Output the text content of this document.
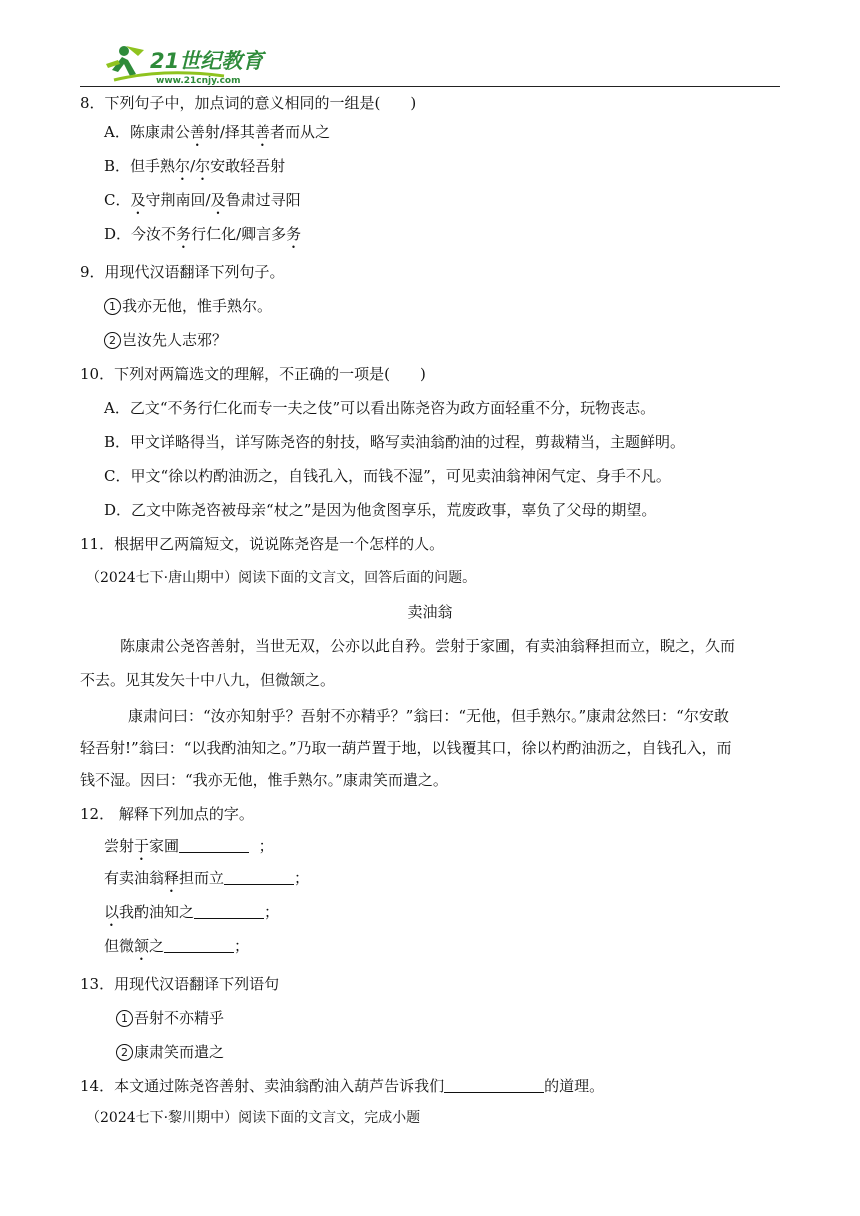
21世纪教育
www.21cnjy.com
8．下列句子中，加点词的意义相同的一组是(　　)
A．陈康肃公善射/择其善者而从之
B．但手熟尔/尔安敢轻吾射
C．及守荆南回/及鲁肃过寻阳
D．今汝不务行仁化/卿言多务
9．用现代汉语翻译下列句子。
1 我亦无他，惟手熟尔。
2 岂汝先人志邪？
10．下列对两篇选文的理解，不正确的一项是(　　)
A．乙文“不务行仁化而专一夫之伎”可以看出陈尧咨为政方面轻重不分，玩物丧志。
B．甲文详略得当，详写陈尧咨的射技，略写卖油翁酌油的过程，剪裁精当，主题鲜明。
C．甲文“徐以杓酌油沥之，自钱孔入，而钱不湿”，可见卖油翁神闲气定、身手不凡。
D．乙文中陈尧咨被母亲“杖之”是因为他贪图享乐，荒废政事，辜负了父母的期望。
11．根据甲乙两篇短文，说说陈尧咨是一个怎样的人。
（2024七下·唐山期中）阅读下面的文言文，回答后面的问题。
卖油翁
陈康肃公尧咨善射，当世无双，公亦以此自矜。尝射于家圃，有卖油翁释担而立，睨之，久而
不去。见其发矢十中八九，但微颔之。
康肃问曰：“汝亦知射乎？吾射不亦精乎？”翁曰：“无他，但手熟尔。”康肃忿然曰：“尔安敢
轻吾射!”翁曰：“以我酌油知之。”乃取一葫芦置于地，以钱覆其口，徐以杓酌油沥之，自钱孔入，而
钱不湿。因曰：“我亦无他，惟手熟尔。”康肃笑而遣之。
12． 解释下列加点的字。
尝射于家圃	；
有卖油翁释担而立	；
以我酌油知之	；
但微颔之	；
13．用现代汉语翻译下列语句
1 吾射不亦精乎
2 康肃笑而遣之
14．本文通过陈尧咨善射、卖油翁酌油入葫芦告诉我们	的道理。
（2024七下·黎川期中）阅读下面的文言文，完成小题
